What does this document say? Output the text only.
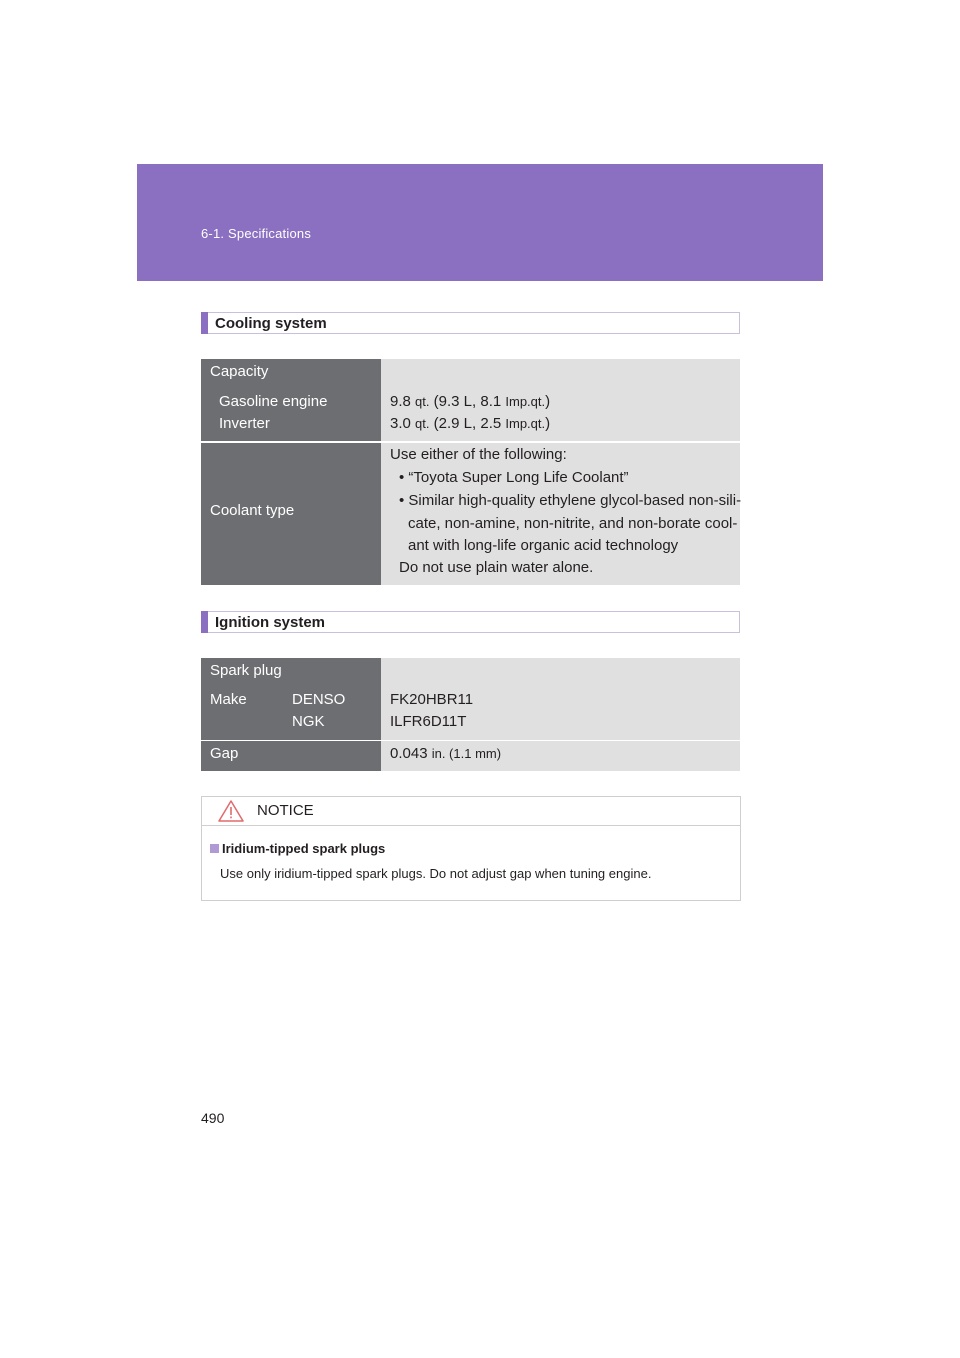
6-1. Specifications
Cooling system
Capacity
Gasoline engine
Inverter
9.8 qt. (9.3 L, 8.1 Imp.qt.)
3.0 qt. (2.9 L, 2.5 Imp.qt.)
Coolant type
Use either of the following:
• “Toyota Super Long Life Coolant”
• Similar high-quality ethylene glycol-based non-sili-
cate, non-amine, non-nitrite, and non-borate cool-
ant with long-life organic acid technology
Do not use plain water alone.
Ignition system
Spark plug
Make	DENSO
NGK
FK20HBR11
ILFR6D11T
Gap	0.043 in. (1.1 mm)
NOTICE
Iridium-tipped spark plugs
Use only iridium-tipped spark plugs. Do not adjust gap when tuning engine.
490
